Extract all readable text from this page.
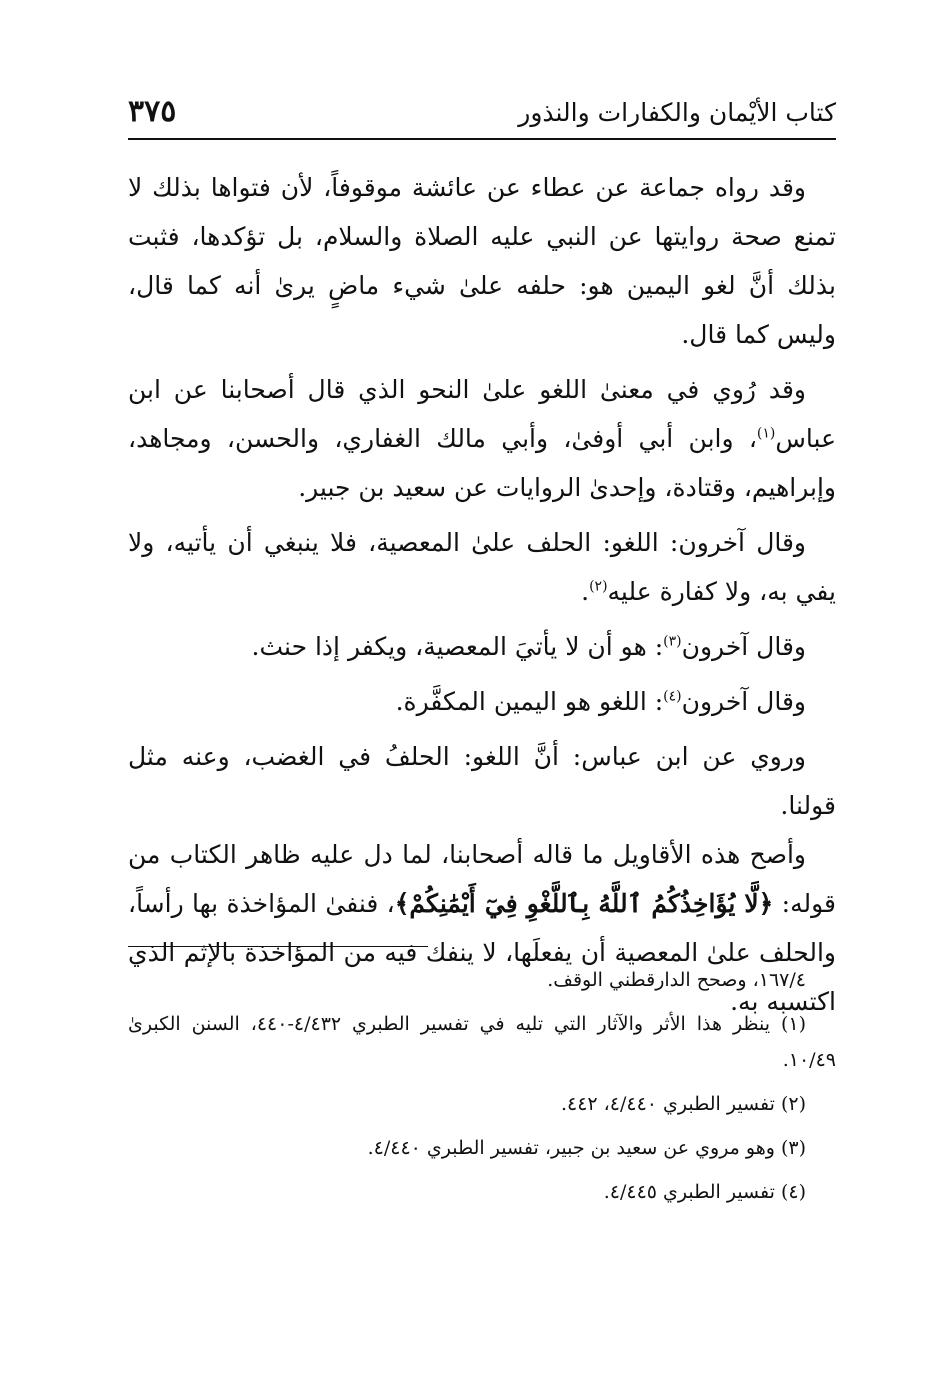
كتاب الأيْمان والكفارات والنذور
٣٧٥

وقد رواه جماعة عن عطاء عن عائشة موقوفاً، لأن فتواها بذلك لا تمنع صحة روايتها عن النبي عليه الصلاة والسلام، بل تؤكدها، فثبت بذلك أنَّ لغو اليمين هو: حلفه علىٰ شيء ماضٍ يرىٰ أنه كما قال، وليس كما قال.

وقد رُوي في معنىٰ اللغو علىٰ النحو الذي قال أصحابنا عن ابن عباس$^{(١)}$، وابن أبي أوفىٰ، وأبي مالك الغفاري، والحسن، ومجاهد، وإبراهيم، وقتادة، وإحدىٰ الروايات عن سعيد بن جبير.

وقال آخرون: اللغو: الحلف علىٰ المعصية، فلا ينبغي أن يأتيه، ولا يفي به، ولا كفارة عليه$^{(٢)}$.

وقال آخرون$^{(٣)}$: هو أن لا يأتيَ المعصية، ويكفر إذا حنث.

وقال آخرون$^{(٤)}$: اللغو هو اليمين المكفَّرة.

وروي عن ابن عباس: أنَّ اللغو: الحلفُ في الغضب، وعنه مثل قولنا.

وأصح هذه الأقاويل ما قاله أصحابنا، لما دل عليه ظاهر الكتاب من قوله: ﴿لَّا يُؤَاخِذُكُمُ ٱللَّهُ بِٱللَّغْوِ فِيٓ أَيْمَٰنِكُمْ﴾، فنفىٰ المؤاخذة بها رأساً، والحلف علىٰ المعصية أن يفعلَها، لا ينفك فيه من المؤاخذة بالإثم الذي اكتسبه به.

١٦٧/٤، وصحح الدارقطني الوقف.

(١) ينظر هذا الأثر والآثار التي تليه في تفسير الطبري ٤/٤٣٢-٤٤٠، السنن الكبرىٰ ١٠/٤٩.

(٢) تفسير الطبري ٤/٤٤٠، ٤٤٢.

(٣) وهو مروي عن سعيد بن جبير، تفسير الطبري ٤/٤٤٠.

(٤) تفسير الطبري ٤/٤٤٥.
